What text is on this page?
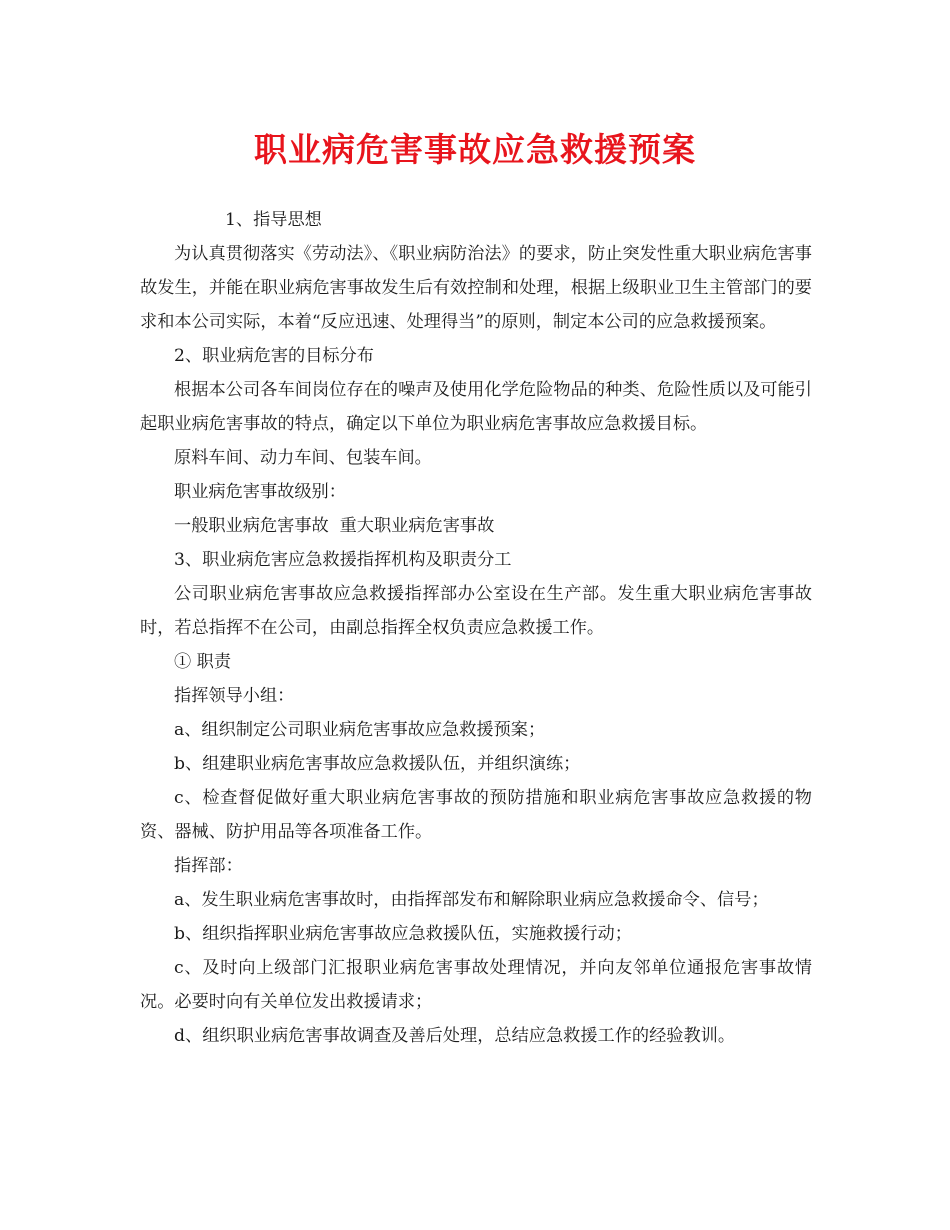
职业病危害事故应急救援预案

1、指导思想

为认真贯彻落实《劳动法》、《职业病防治法》的要求，防止突发性重大职业病危害事故发生，并能在职业病危害事故发生后有效控制和处理，根据上级职业卫生主管部门的要求和本公司实际，本着“反应迅速、处理得当”的原则，制定本公司的应急救援预案。

2、职业病危害的目标分布

根据本公司各车间岗位存在的噪声及使用化学危险物品的种类、危险性质以及可能引起职业病危害事故的特点，确定以下单位为职业病危害事故应急救援目标。

原料车间、动力车间、包装车间。

职业病危害事故级别：

一般职业病危害事故  重大职业病危害事故

3、职业病危害应急救援指挥机构及职责分工

公司职业病危害事故应急救援指挥部办公室设在生产部。发生重大职业病危害事故时，若总指挥不在公司，由副总指挥全权负责应急救援工作。

① 职责

指挥领导小组：

a、组织制定公司职业病危害事故应急救援预案；

b、组建职业病危害事故应急救援队伍，并组织演练；

c、检查督促做好重大职业病危害事故的预防措施和职业病危害事故应急救援的物资、器械、防护用品等各项准备工作。

指挥部：

a、发生职业病危害事故时，由指挥部发布和解除职业病应急救援命令、信号；

b、组织指挥职业病危害事故应急救援队伍，实施救援行动；

c、及时向上级部门汇报职业病危害事故处理情况，并向友邻单位通报危害事故情况。必要时向有关单位发出救援请求；

d、组织职业病危害事故调查及善后处理，总结应急救援工作的经验教训。
